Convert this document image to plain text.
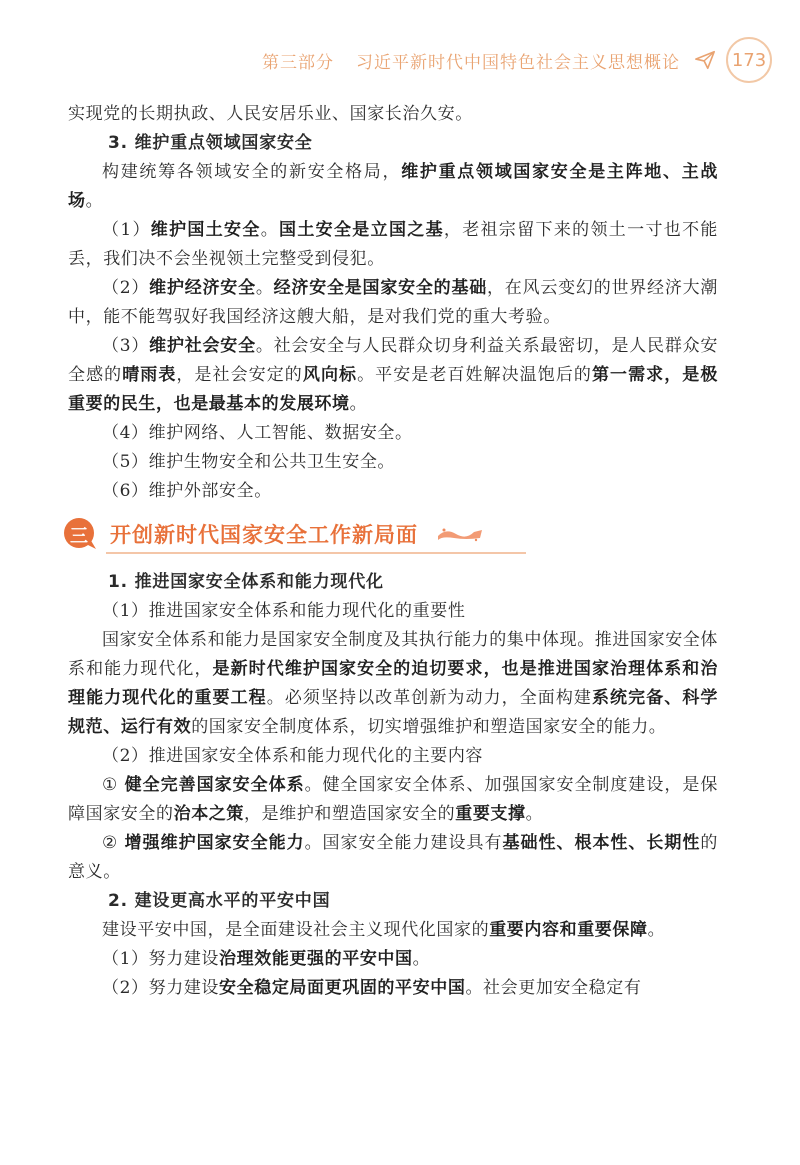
第三部分 习近平新时代中国特色社会主义思想概论	173

实现党的长期执政、人民安居乐业、国家长治久安。

3. 维护重点领域国家安全

构建统筹各领域安全的新安全格局，维护重点领域国家安全是主阵地、主战场。

（1）维护国土安全。国土安全是立国之基，老祖宗留下来的领土一寸也不能丢，我们决不会坐视领土完整受到侵犯。

（2）维护经济安全。经济安全是国家安全的基础，在风云变幻的世界经济大潮中，能不能驾驭好我国经济这艘大船，是对我们党的重大考验。

（3）维护社会安全。社会安全与人民群众切身利益关系最密切，是人民群众安全感的晴雨表，是社会安定的风向标。平安是老百姓解决温饱后的第一需求，是极重要的民生，也是最基本的发展环境。

（4）维护网络、人工智能、数据安全。

（5）维护生物安全和公共卫生安全。

（6）维护外部安全。

三 开创新时代国家安全工作新局面

1. 推进国家安全体系和能力现代化

（1）推进国家安全体系和能力现代化的重要性

国家安全体系和能力是国家安全制度及其执行能力的集中体现。推进国家安全体系和能力现代化，是新时代维护国家安全的迫切要求，也是推进国家治理体系和治理能力现代化的重要工程。必须坚持以改革创新为动力，全面构建系统完备、科学规范、运行有效的国家安全制度体系，切实增强维护和塑造国家安全的能力。

（2）推进国家安全体系和能力现代化的主要内容

① 健全完善国家安全体系。健全国家安全体系、加强国家安全制度建设，是保障国家安全的治本之策，是维护和塑造国家安全的重要支撑。

② 增强维护国家安全能力。国家安全能力建设具有基础性、根本性、长期性的意义。

2. 建设更高水平的平安中国

建设平安中国，是全面建设社会主义现代化国家的重要内容和重要保障。

（1）努力建设治理效能更强的平安中国。

（2）努力建设安全稳定局面更巩固的平安中国。社会更加安全稳定有
